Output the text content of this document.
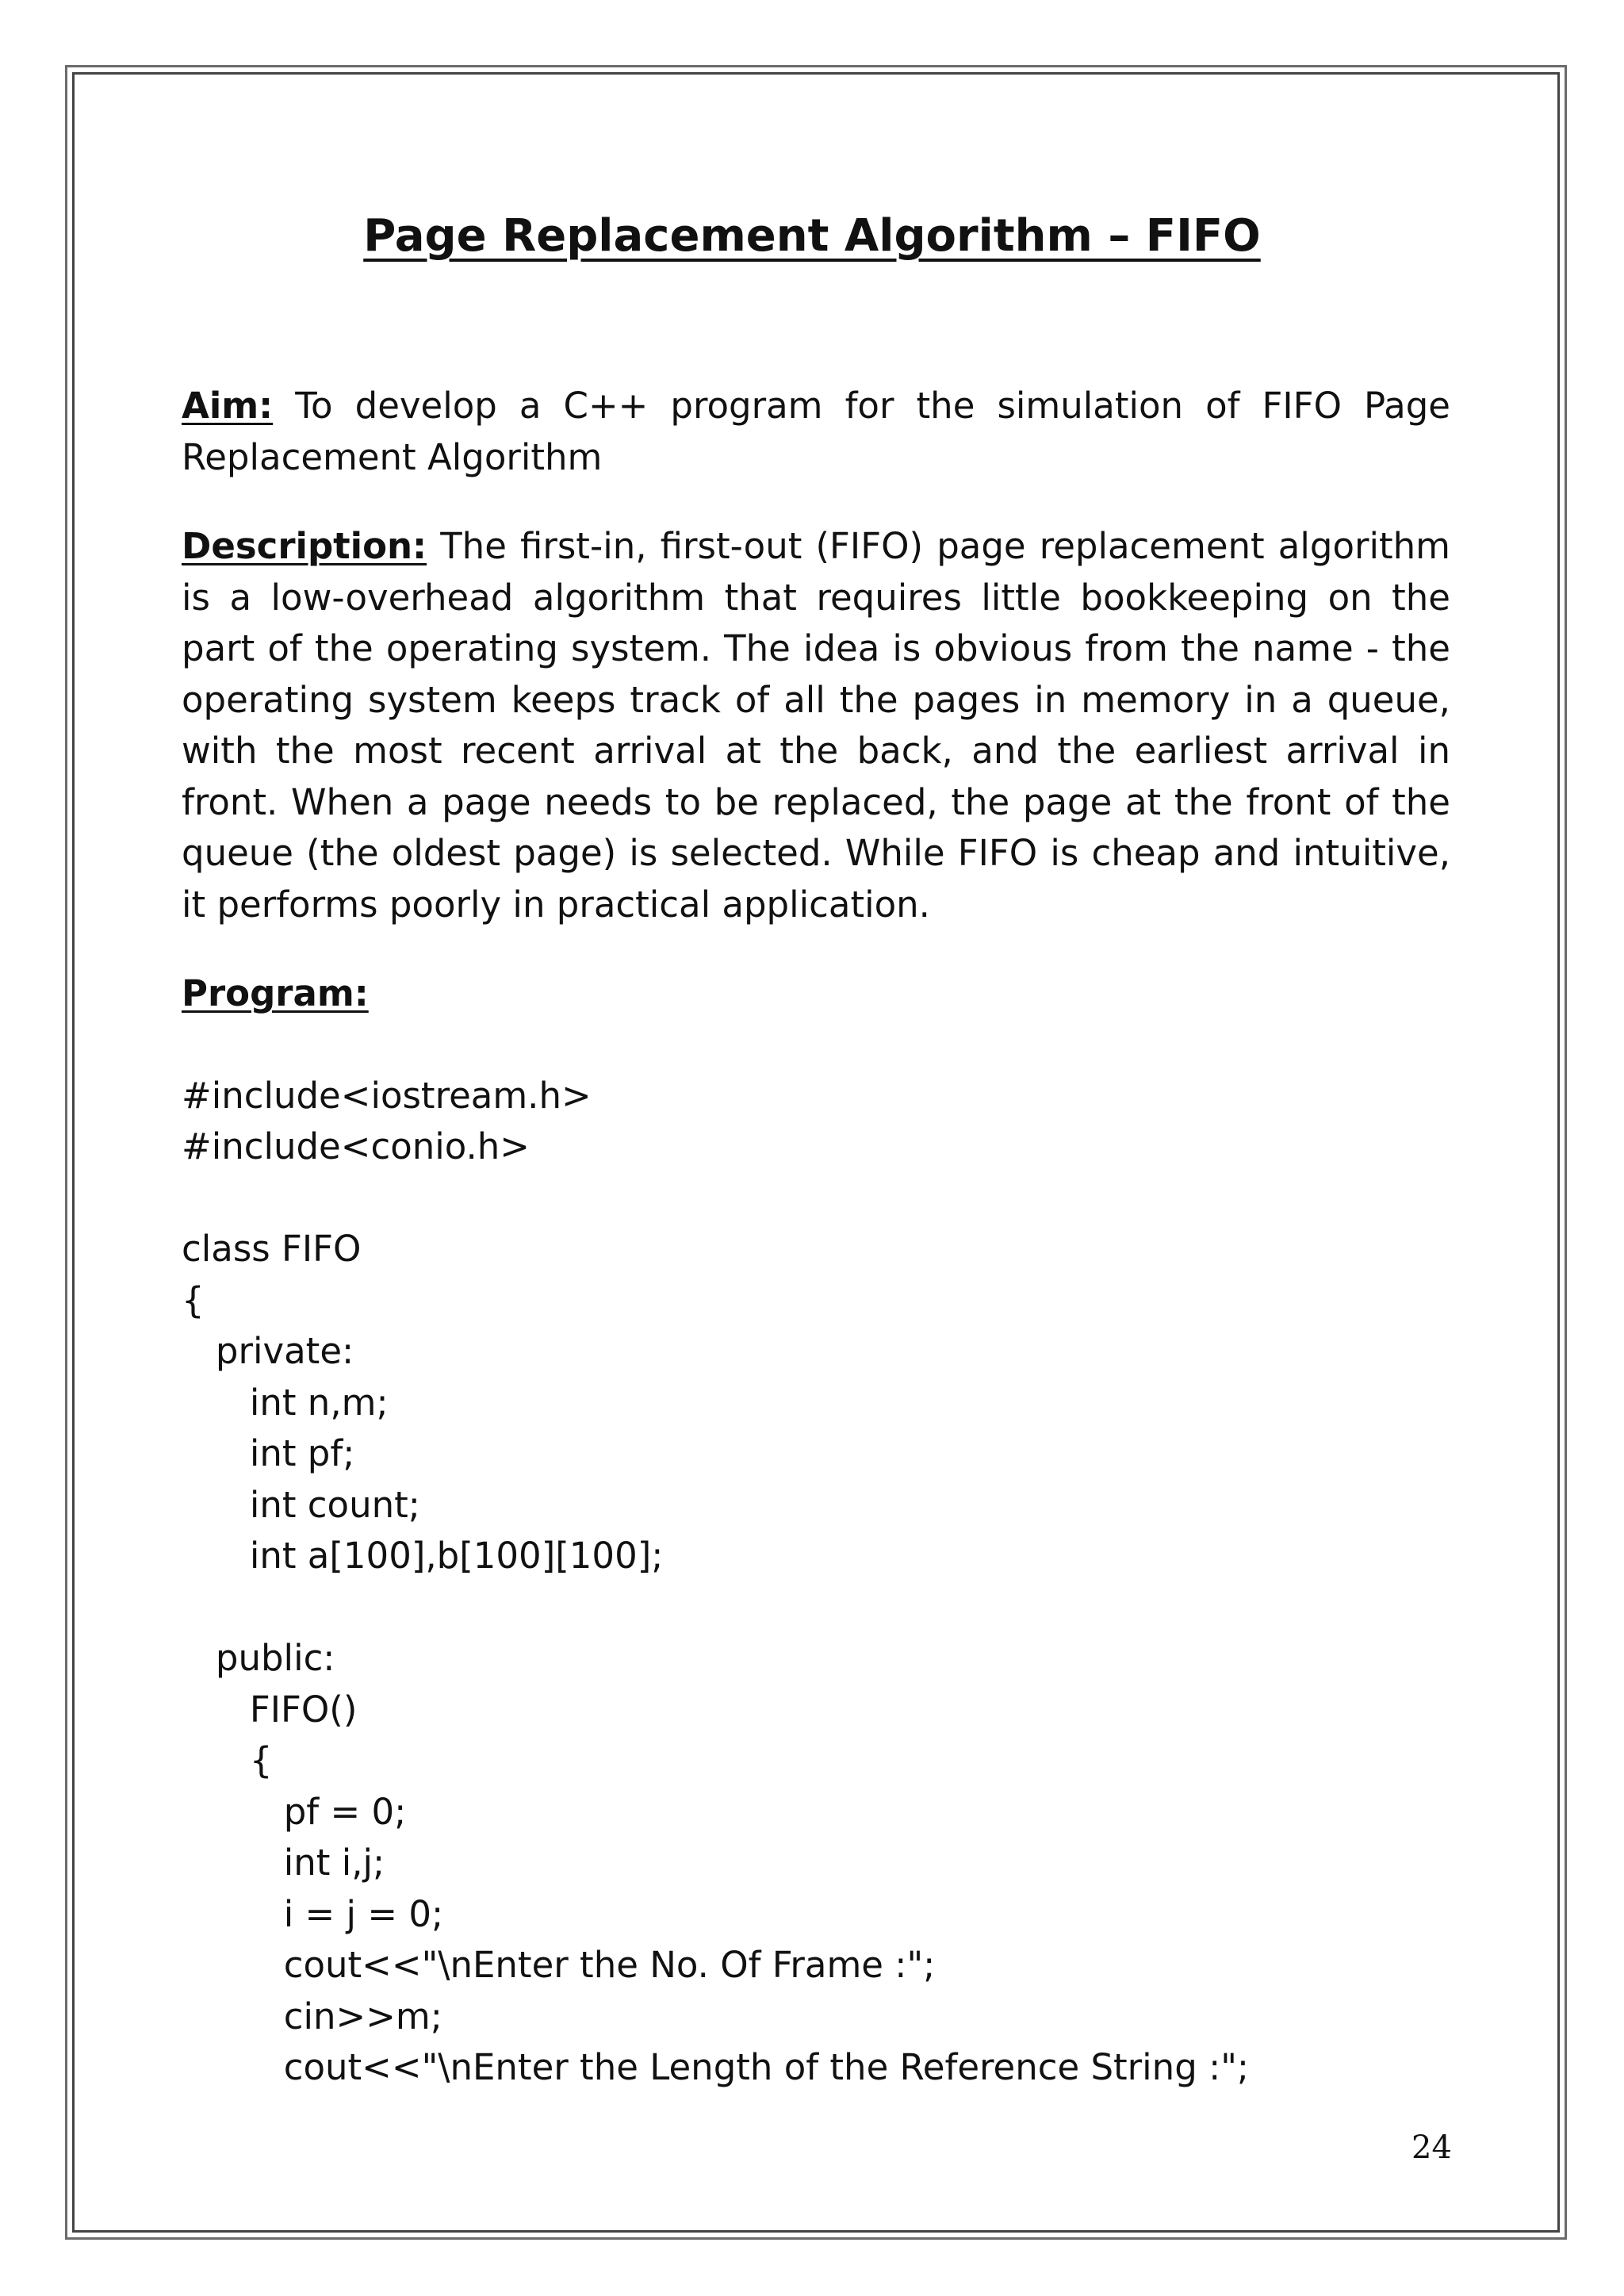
Page Replacement Algorithm – FIFO

Aim: To develop a C++ program for the simulation of FIFO Page Replacement Algorithm

Description: The first-in, first-out (FIFO) page replacement algorithm is a low-overhead algorithm that requires little bookkeeping on the part of the operating system. The idea is obvious from the name - the operating system keeps track of all the pages in memory in a queue, with the most recent arrival at the back, and the earliest arrival in front. When a page needs to be replaced, the page at the front of the queue (the oldest page) is selected. While FIFO is cheap and intuitive, it performs poorly in practical application.

Program:

#include<iostream.h>
#include<conio.h>
class FIFO
{
private:
int n,m;
int pf;
int count;
int a[100],b[100][100];
public:
FIFO()
{
pf = 0;
int i,j;
i = j = 0;
cout<<"\nEnter the No. Of Frame :";
cin>>m;
cout<<"\nEnter the Length of the Reference String :";
24
